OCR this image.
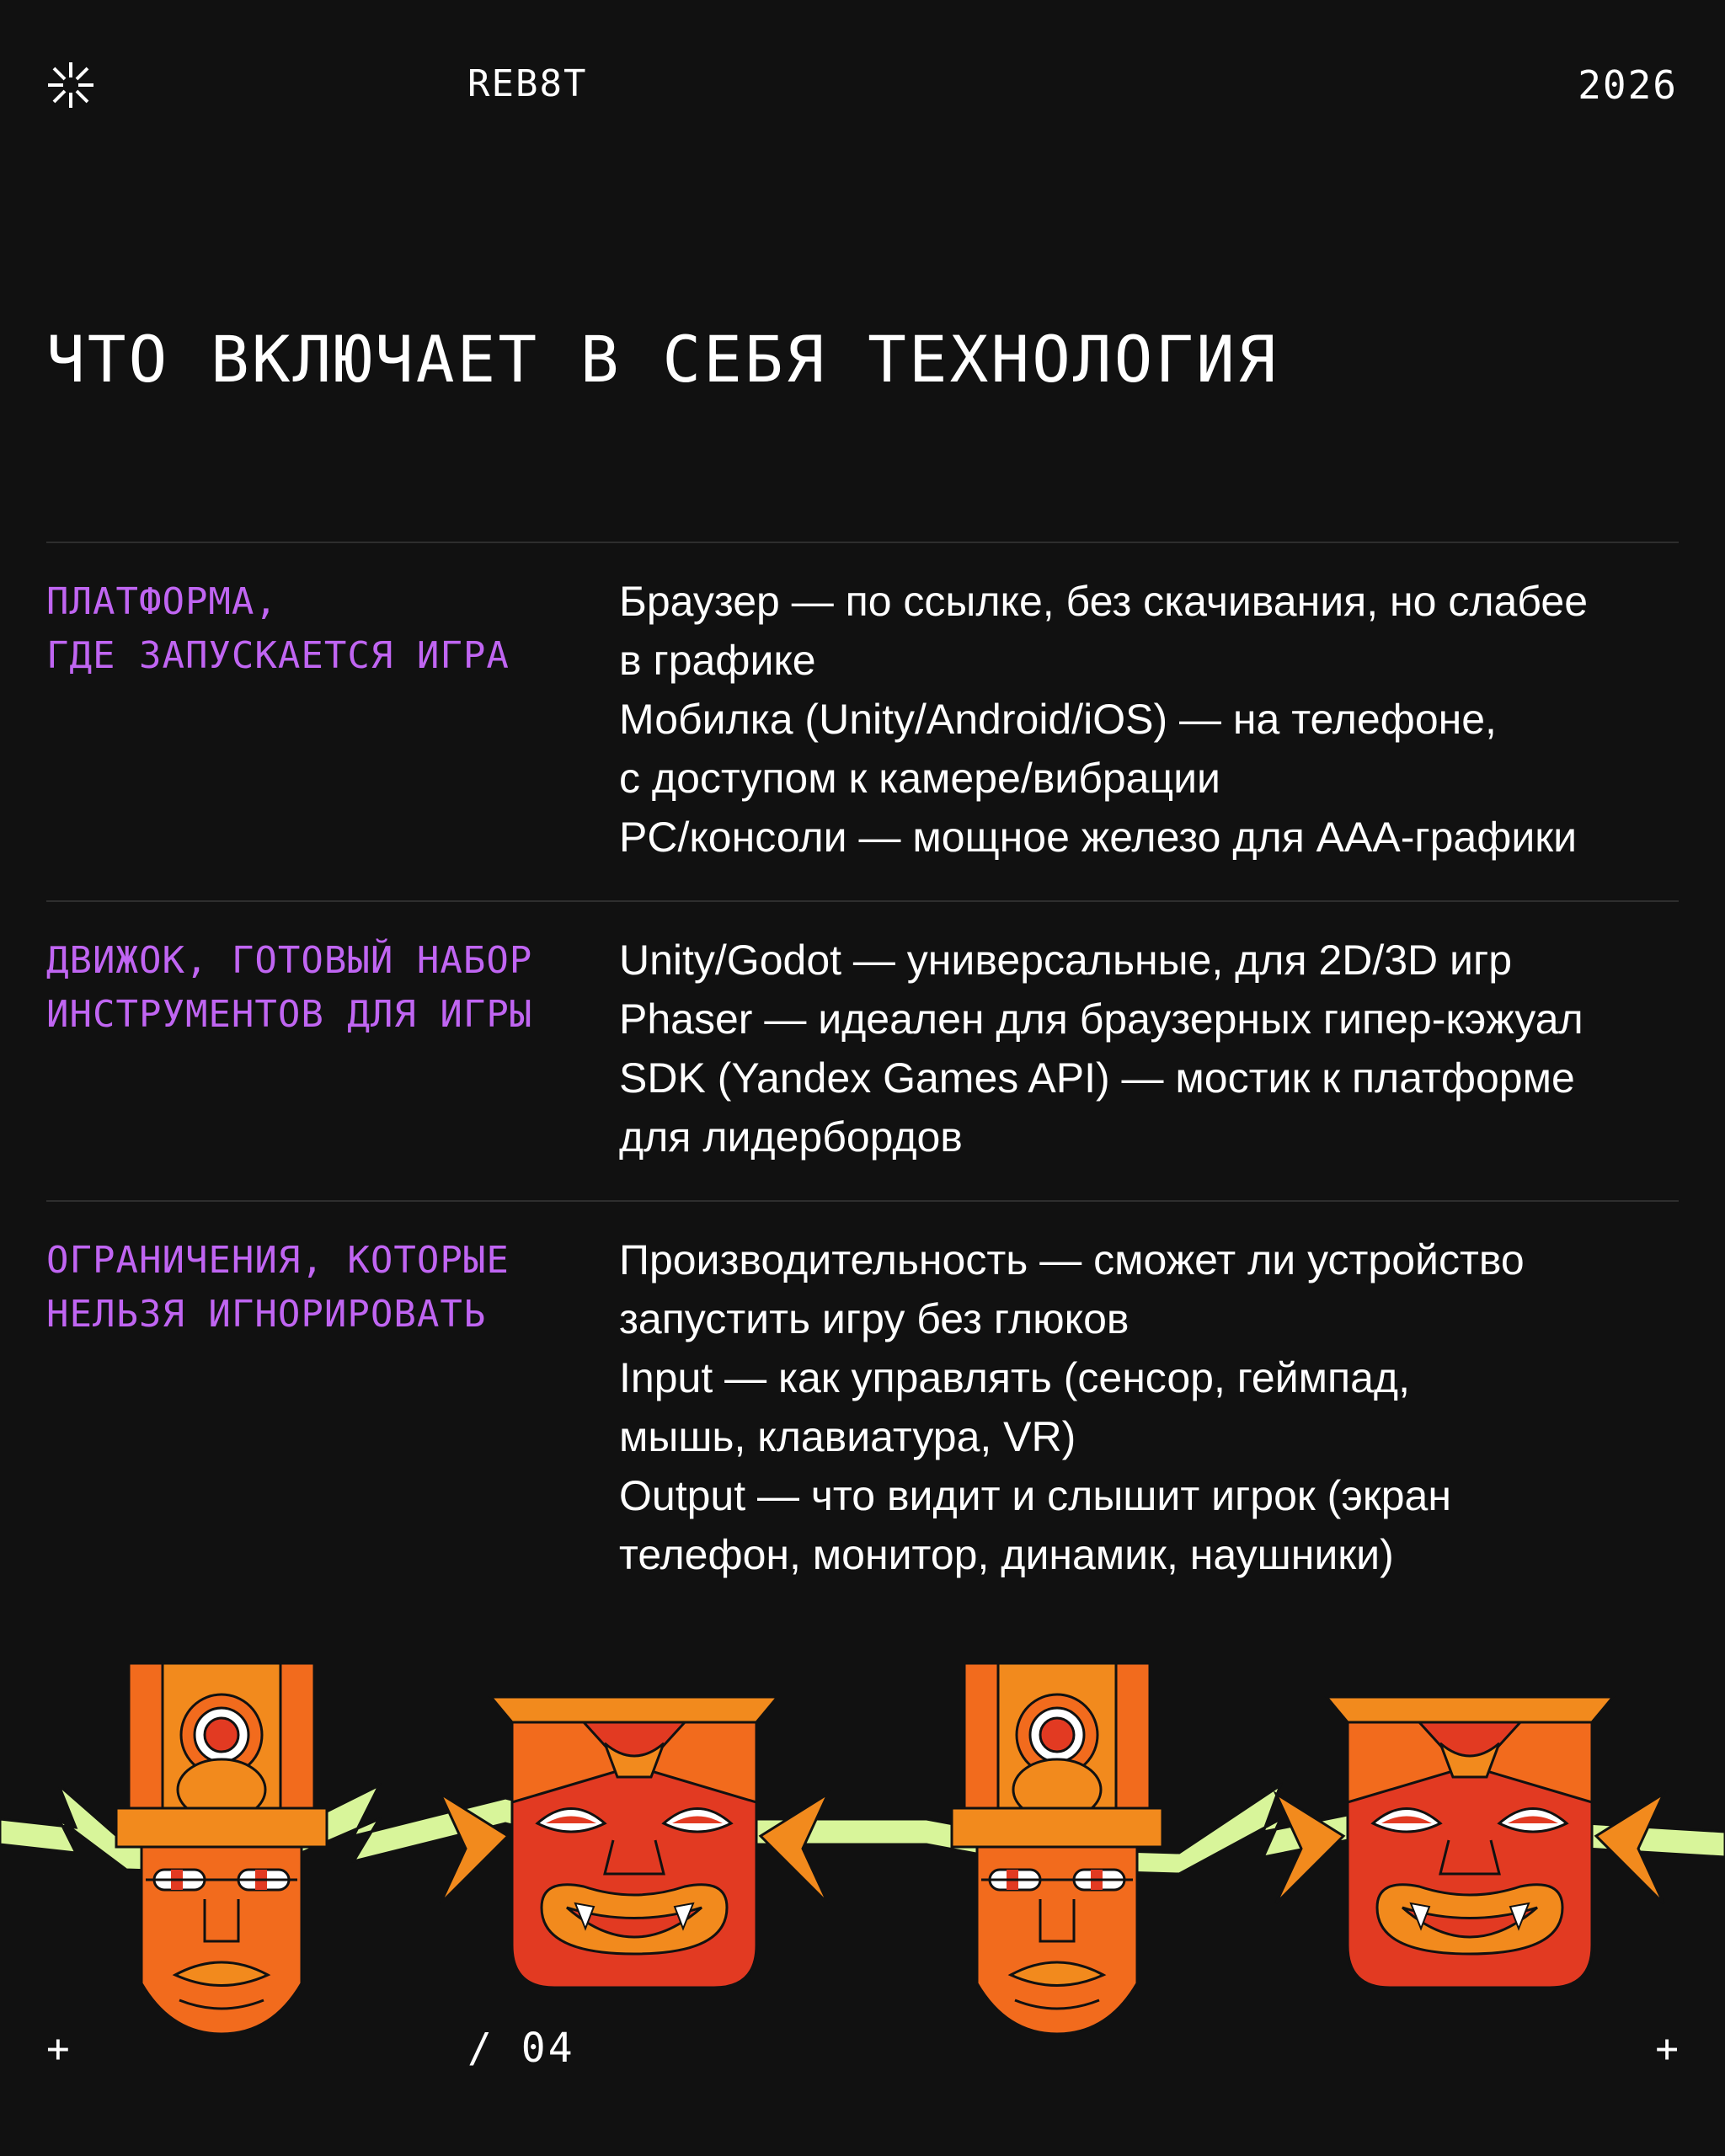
REB8T	2026
ЧТО ВКЛЮЧАЕТ В СЕБЯ ТЕХНОЛОГИЯ
ПЛАТФОРМА,
ГДЕ ЗАПУСКАЕТСЯ ИГРА
Браузер — по ссылке, без скачивания, но слабее
в графике
Мобилка (Unity/Android/iOS) — на телефоне,
с доступом к камере/вибрации
PC/консоли — мощное железо для AAA-графики
ДВИЖОК, ГОТОВЫЙ НАБОР
ИНСТРУМЕНТОВ ДЛЯ ИГРЫ
Unity/Godot — универсальные, для 2D/3D игр
Phaser — идеален для браузерных гипер-кэжуал
SDK (Yandex Games API) — мостик к платформе
для лидербордов
ОГРАНИЧЕНИЯ, КОТОРЫЕ
НЕЛЬЗЯ ИГНОРИРОВАТЬ
Производительность — сможет ли устройство
запустить игру без глюков
Input — как управлять (сенсор, геймпад,
мышь, клавиатура, VR)
Output — что видит и слышит игрок (экран
телефон, монитор, динамик, наушники)
+	/ 04	+
